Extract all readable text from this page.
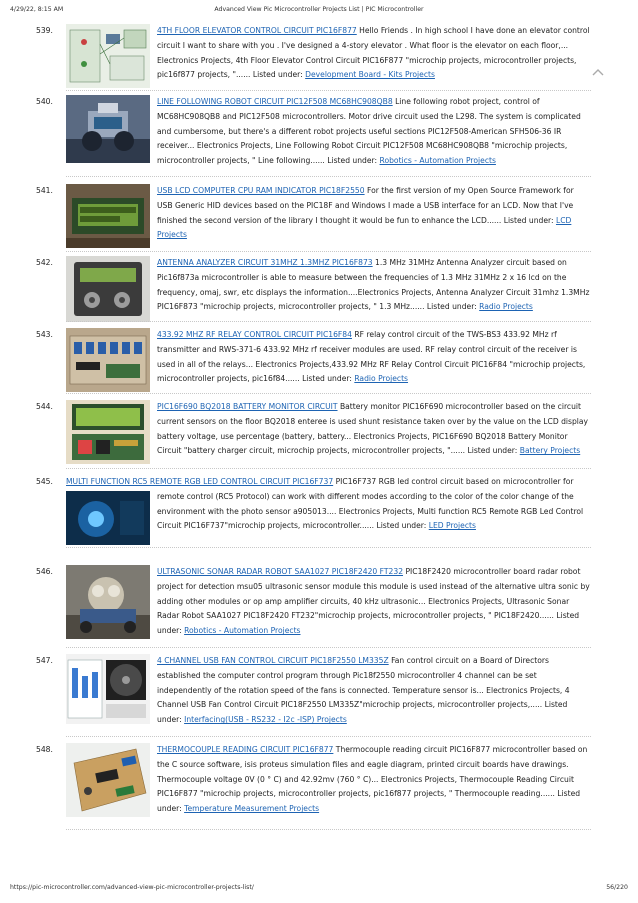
Advanced View Pic Microcontroller Projects List | PIC Microcontroller
4/29/22, 8:15 AM
539.	4TH FLOOR ELEVATOR CONTROL CIRCUIT PIC16F877 Hello Friends . In high school I have done an elevator control circuit I want to share with you . I've designed a 4-story elevator . What floor is the elevator on each floor,... Electronics Projects, 4th Floor Elevator Control Circuit PIC16F877 "microchip projects, microcontroller projects, pic16f877 projects, "...... Listed under: Development Board - Kits Projects
540.	LINE FOLLOWING ROBOT CIRCUIT PIC12F508 MC68HC908QB8 Line following robot project, control of MC68HC908QB8 and PIC12F508 microcontrollers. Motor drive circuit used the L298. The system is complicated and cumbersome, but there's a different robot projects useful sections PIC12F508-American SFH506-36 IR receiver... Electronics Projects, Line Following Robot Circuit PIC12F508 MC68HC908QB8 "microchip projects, microcontroller projects, " Line following...... Listed under: Robotics - Automation Projects
541.	USB LCD COMPUTER CPU RAM INDICATOR PIC18F2550 For the first version of my Open Source Framework for USB Generic HID devices based on the PIC18F and Windows I made a USB interface for an LCD. Now that I've finished the second version of the library I thought it would be fun to enhance the LCD...... Listed under: LCD Projects
542.	ANTENNA ANALYZER CIRCUIT 31MHZ 1.3MHZ PIC16F873 1.3 MHz 31MHz Antenna Analyzer circuit based on Pic16f873a microcontroller is able to measure between the frequencies of 1.3 MHz 31MHz 2 x 16 lcd on the frequency, omaj, swr, etc displays the information....Electronics Projects, Antenna Analyzer Circuit 31mhz 1.3MHz PIC16F873 "microchip projects, microcontroller projects, " 1.3 MHz...... Listed under: Radio Projects
543.	433.92 MHZ RF RELAY CONTROL CIRCUIT PIC16F84 RF relay control circuit of the TWS-BS3 433.92 MHz rf transmitter and RWS-371-6 433.92 MHz rf receiver modules are used. RF relay control circuit of the receiver is used in all of the relays... Electronics Projects,433.92 MHz RF Relay Control Circuit PIC16F84 "microchip projects, microcontroller projects, pic16f84...... Listed under: Radio Projects
544.	PIC16F690 BQ2018 BATTERY MONITOR CIRCUIT Battery monitor PIC16F690 microcontroller based on the circuit current sensors on the floor BQ2018 enteree is used shunt resistance taken over by the value on the LCD display battery voltage, use percentage (battery, battery... Electronics Projects, PIC16F690 BQ2018 Battery Monitor Circuit "battery charger circuit, microchip projects, microcontroller projects, "...... Listed under: Battery Projects
545. MULTI FUNCTION RC5 REMOTE RGB LED CONTROL CIRCUIT PIC16F737 PIC16F737 RGB led control circuit based on microcontroller for
remote control (RC5 Protocol) can work with different modes according to the color of the color change of the environment with the photo sensor a905013.... Electronics Projects, Multi function RC5 Remote RGB Led Control Circuit PIC16F737"microchip projects, microcontroller...... Listed under: LED Projects
546.	ULTRASONIC SONAR RADAR ROBOT SAA1027 PIC18F2420 FT232 PIC18F2420 microcontroller board radar robot project for detection msu05 ultrasonic sensor module this module is used instead of the alternative ultra sonic by adding other modules or op amp amplifier circuits, 40 kHz ultrasonic... Electronics Projects, Ultrasonic Sonar Radar Robot SAA1027 PIC18F2420 FT232"microchip projects, microcontroller projects, " PIC18F2420...... Listed under: Robotics - Automation Projects
547.	4 CHANNEL USB FAN CONTROL CIRCUIT PIC18F2550 LM335Z Fan control circuit on a Board of Directors established the computer control program through Pic18f2550 microcontroller 4 channel can be set independently of the rotation speed of the fans is connected. Temperature sensor is... Electronics Projects, 4 Channel USB Fan Control Circuit PIC18F2550 LM335Z"microchip projects, microcontroller projects,..... Listed under: Interfacing(USB - RS232 - I2c -ISP) Projects
548.	THERMOCOUPLE READING CIRCUIT PIC16F877 Thermocouple reading circuit PIC16F877 microcontroller based on the C source software, isis proteus simulation files and eagle diagram, printed circuit boards have drawings. Thermocouple voltage 0V (0 ° C) and 42.92mv (760 ° C)... Electronics Projects, Thermocouple Reading Circuit PIC16F877 "microchip projects, microcontroller projects, pic16f877 projects, " Thermocouple reading...... Listed under: Temperature Measurement Projects
https://pic-microcontroller.com/advanced-view-pic-microcontroller-projects-list/	56/220
